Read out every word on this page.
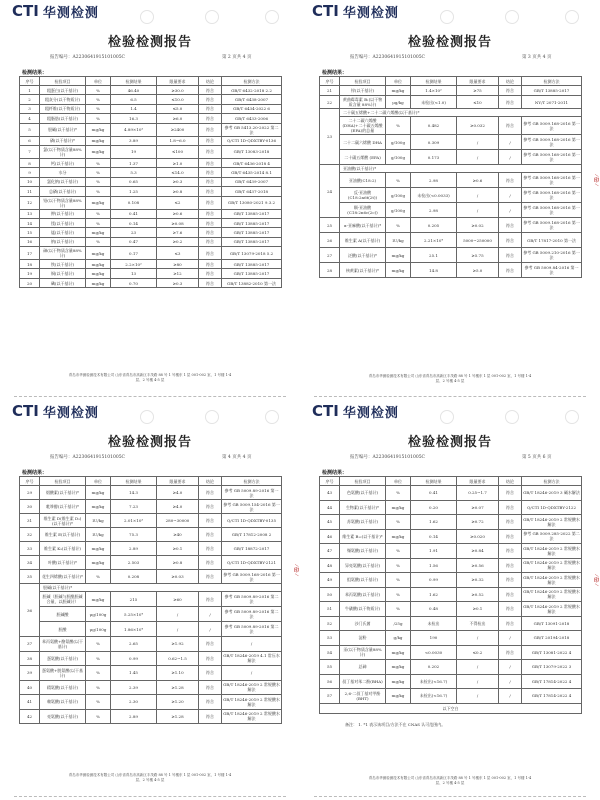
CTI 华测检测
检验检测报告
报告编号：A2230641915101005C	第 2 页共 4 页
检测结果：
序号	检验项目	单位	检测结果	限量要求	结论	检测方法
1	粗蛋白(以干基计)	%	46.40	≥30.0	符合	GB/T 6432-2018 2.2
2	粗灰分(以干物质计)	%	6.5	≤10.0	符合	GB/T 6438-2007
3	粗纤维(以干物质计)	%	1.4	≤5.0	符合	GB/T 6434-2022 6
4	粗脂肪(以干基计)	%	16.3	≥6.0	符合	GB/T 6433-2006
5	胆碱(以干基计)*	mg/kg	4.89×10³	≥2400	符合	参考 GB 5413.20-2022 第二法
6	磷(以干基计)*	mg/kg	3.89	1.8~6.0	符合	Q/CTI 1D-QDXTBY-0136
7	氯(以干物质含量88%计)	mg/kg	19	≤100	符合	GB/T 13083-2018
8	钙(以干基计)	%	1.37	≥1.0	符合	GB/T 6436-2018 4
9	水分	%	5.3	≤14.0	符合	GB/T 6435-2014 8.1
10	氯化钠(以干基计)	%	0.65	≥0.3	符合	GB/T 6439-2007
11	总磷(以干基计)	%	1.25	≥0.8	符合	GB/T 6437-2018
12	铅(以干物质含量88%计)	mg/kg	0.108	≤2	符合	GB/T 13080-2021 9.3.2
13	钾(以干基计)	%	0.41	≥0.6	符合	GB/T 13885-2017
14	镁(以干基计)	%	0.14	≥0.08	符合	GB/T 13885-2017
15	锰(以干基计)	mg/kg	23	≥7.6	符合	GB/T 13885-2017
16	钠(以干基计)	%	0.47	≥0.2	符合	GB/T 13885-2017
17	砷(以干物质含量88%计)	mg/kg	0.17	≤3	符合	GB/T 13079-2018 5.2
18	铁(以干基计)	mg/kg	2.2×10²	≥80	符合	GB/T 13885-2017
19	铜(以干基计)	mg/kg	13	≥12	符合	GB/T 13885-2017
20	碘(以干基计)	mg/kg	0.70	≥0.3	符合	GB/T 13882-2010 第一法
青岛市华测检测技术有限公司 山东省青岛市高新区丰茂路 88 号 1 号楼东 1 层 001-002 室、1 号楼 1-4
层、2 号楼 4-5 层
⁄ 印 ⁄
CTI 华测检测
检验检测报告
报告编号：A2230641915101005C	第 3 页共 4 页
检测结果：
序号	检验项目	单位	检测结果	限量要求	结论	检测方法
21	锌(以干基计)	mg/kg	1.4×10²	≥75	符合	GB/T 13885-2017
22	黄曲霉毒素 B₁(以干物质含量 88%计)	μg/kg	未检出(<1.0)	≤10	符合	NY/T 2071-2011
23	二十碳五烯酸+二十二碳六烯酸(以干基计)*					
	二十二碳六烯酸(DHA)+二十碳五烯酸(EPA)的总量	%	0.482	≥0.032	符合	参考 GB 5009.168-2016 第一法
	二十二碳六烯酸 DHA	g/100g	0.309	/	/	参考 GB 5009.168-2016 第一法
	二十碳五烯酸 (EPA)	g/100g	0.173	/	/	参考 GB 5009.168-2016 第一法
24	亚油酸(以干基计)*					
	亚油酸(C18:2)	%	2.98	≥0.6	符合	参考 GB 5009.168-2016 第一法
	反-亚油酸(C18:2n6t(2t))	g/100g	未检出(<0.0033)	/	/	参考 GB 5009.168-2016 第一法
	顺-亚油酸(C18:2n6c(2c))	g/100g	2.98	/	/	参考 GB 5009.168-2016 第一法
25	α-亚麻酸(以干基计)*	%	0.205	≥0.02	符合	参考 GB 5009.168-2016 第一法
26	维生素 A(以干基计)	IU/kg	2.21×10⁴	5000~250000	符合	GB/T 17817-2010 第一法
27	泛酸(以干基计)*	mg/kg	25.1	≥5.75	符合	参考 GB 5009.210-2016 第一法
28	核黄素(以干基计)*	mg/kg	14.8	≥5.0	符合	参考 GB 5009.84-2016 第一法
青岛市华测检测技术有限公司 山东省青岛市高新区丰茂路 88 号 1 号楼东 1 层 001-002 室、1 号楼 1-4
层、2 号楼 4-5 层
⁄ 印 ⁄
CTI 华测检测
检验检测报告
报告编号：A2230641915101005C	第 4 页共 4 页
检测结果：
序号	检验项目	单位	检测结果	限量要求	结论	检测方法
29	烟酸素(以干基计)*	mg/kg	14.3	≥4.0	符合	参考 GB 5009.89-2016 第一法
30	吡哆醇(以干基计)*	mg/kg	7.23	≥4.0	符合	参考 GB 5009.154-2016 第一法
31	维生素 D(维生素 D₃)(以干基计)*	IU/kg	2.01×10³	280~30000	符合	Q/CTI 1D-QDXTBY-0135
32	维生素 E(以干基计)	IU/kg	75.3	≥40	符合	GB/T 17812-2008 2
33	维生素 K₃(以干基计)	mg/kg	2.89	≥0.1	符合	GB/T 18872-2017
34	叶酸(以干基计)*	mg/kg	2.503	≥0.8	符合	Q/CTI 1D-QDXTBY-2121
35	花生四烯酸(以干基计)*	%	0.208	≥0.03	符合	参考 GB 5009.168-2016 第一法
36	胆碱(以干基计)*					
	胆碱（胆碱与胆酰胆碱合量，以胆碱计）	mg/kg	215	≥60	符合	参考 GB 5009.89-2016 第二法
	胆碱酸	μg/100g	5.25×10⁴	/	/	参考 GB 5009.89-2016 第二法
	胆酸	μg/100g	1.86×10⁴	/	/	参考 GB 5009.89-2016 第二法
37	苯丙氨酸+酪氨酸(以干基计)	%	2.65	≥1.92	符合	/
38	蛋氨酸(以干基计)	%	0.99	0.62~1.5	符合	GB/T 18246-2019 4.1 常压水解法
39	蛋氨酸+胱氨酸(以干基计)	%	1.45	≥1.10	符合	/
40	精氨酸(以干基计)	%	2.39	≥1.28	符合	GB/T 18246-2019 2 常规酸水解法
41	赖氨酸(以干基计)	%	2.30	≥1.20	符合	GB/T 18246-2019 2 常规酸水解法
42	亮氨酸(以干基计)	%	2.89	≥1.28	符合	GB/T 18246-2019 2 常规酸水解法
青岛市华测检测技术有限公司 山东省青岛市高新区丰茂路 88 号 1 号楼东 1 层 001-002 室、1 号楼 1-4
层、2 号楼 4-5 层
⁄ 印 ⁄
CTI 华测检测
检验检测报告
报告编号：A2230641915101005C	第 5 页共 6 页
检测结果：
序号	检验项目	单位	检测结果	限量要求	结论	检测方法
43	色氨酸(以干基计)	%	0.41	0.25~1.7	符合	GB/T 18246-2019 3 碱水解法
44	生物素(以干基计)*	mg/kg	0.20	≥0.07	符合	Q/CTI 1D-QDXTBY-2122
45	苏氨酸(以干基计)	%	1.62	≥0.72	符合	GB/T 18246-2019 2 常规酸水解法
46	维生素 B₁₂(以干基计)*	mg/kg	0.14	≥0.020	符合	参考 GB 5009.285-2022 第二法
47	缬氨酸(以干基计)	%	1.91	≥0.84	符合	GB/T 18246-2019 2 常规酸水解法
48	异亮氨酸(以干基计)	%	1.56	≥0.56	符合	GB/T 18246-2019 2 常规酸水解法
49	组氨酸(以干基计)	%	0.99	≥0.32	符合	GB/T 18246-2019 2 常规酸水解法
50	苯丙氨酸(以干基计)	%	1.62	≥0.52	符合	GB/T 18246-2019 2 常规酸水解法
51	牛磺酸(以干物质计)	%	0.48	≥0.1	符合	GB/T 18246-2019 2 常规酸水解法
52	沙门氏菌	/25g	未检出	不得检出	符合	GB/T 13091-2018
53	淀粉	g/kg	190	/	/	GB/T 20194-2018
54	汞(以干物质含量88%计)	mg/kg	<0.0030	≤0.2	符合	GB/T 13081-2022 4
55	总砷	mg/kg	0.202	/	/	GB/T 13079-2022 3
56	叔丁基对苯二酚(BHA)	mg/kg	未检出(<16.7)	/	/	GB/T 17814-2022 4
57	2,6-二叔丁基对甲酚(BHT)	mg/kg	未检出(<16.7)	/	/	GB/T 17814-2022 4
以下空白						
备注： 1. *1 表示该项目/方法不在 CNAS 认可范围内。
青岛市华测检测技术有限公司 山东省青岛市高新区丰茂路 88 号 1 号楼东 1 层 001-002 室、1 号楼 1-4
层、2 号楼 4-5 层
